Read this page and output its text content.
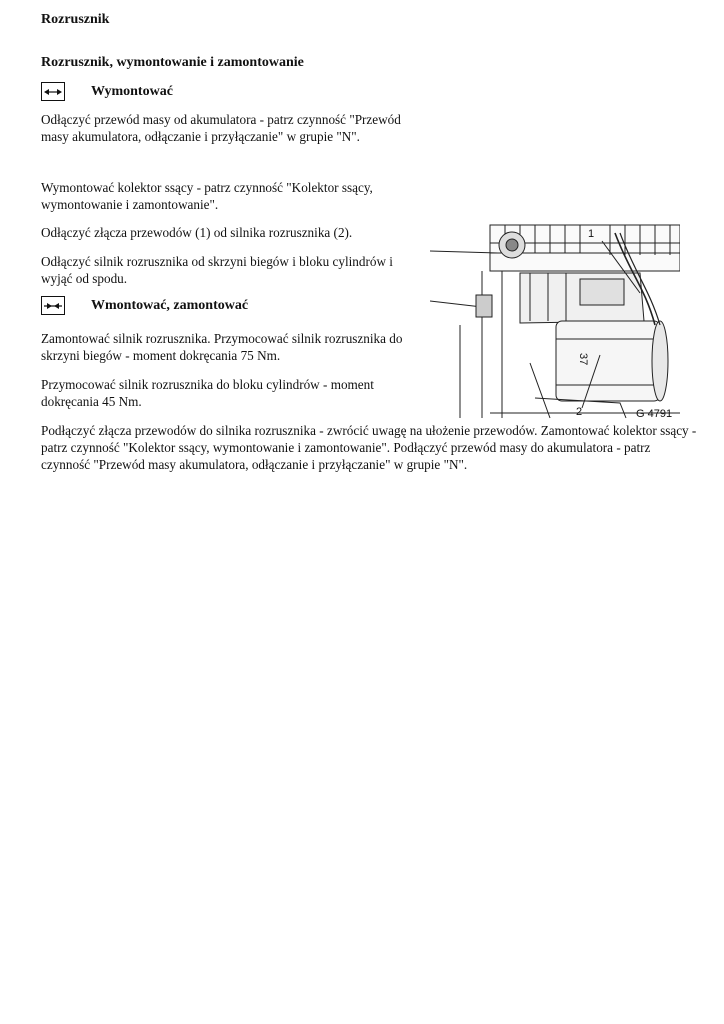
Rozrusznik
Rozrusznik, wymontowanie i zamontowanie
Wymontować

Odłączyć przewód masy od akumulatora - patrz czynność "Przewód masy akumulatora, odłączanie i przyłączanie" w grupie "N".

Wymontować kolektor ssący - patrz czynność "Kolektor ssący, wymontowanie i zamontowanie".

Odłączyć złącza przewodów (1) od silnika rozrusznika (2).

Odłączyć silnik rozrusznika od skrzyni biegów i bloku cylindrów i wyjąć od spodu.

Wmontować, zamontować

Zamontować silnik rozrusznika. Przymocować silnik rozrusznika do skrzyni biegów - moment dokręcania 75 Nm.

Przymocować silnik rozrusznika do bloku cylindrów - moment dokręcania 45 Nm.

Podłączyć złącza przewodów do silnika rozrusznika - zwrócić uwagę na ułożenie przewodów. Zamontować kolektor ssący - patrz czynność "Kolektor ssący, wymontowanie i zamontowanie". Podłączyć przewód masy do akumulatora - patrz czynność "Przewód masy akumulatora, odłączanie i przyłączanie" w grupie "N".

1
2	G 4791
37
